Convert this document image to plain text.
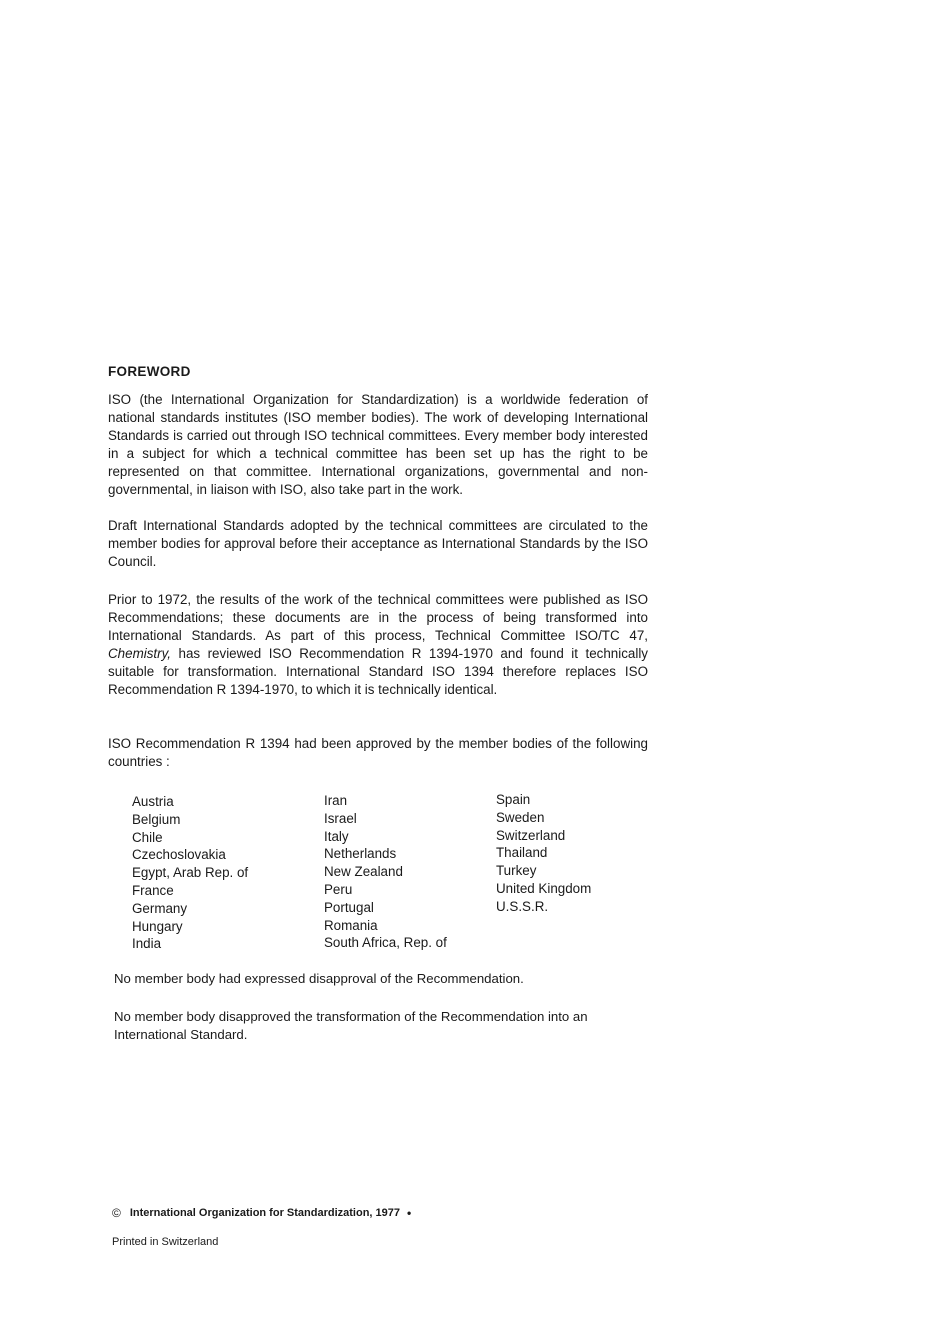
FOREWORD

ISO (the International Organization for Standardization) is a worldwide federation of national standards institutes (ISO member bodies). The work of developing International Standards is carried out through ISO technical committees. Every member body interested in a subject for which a technical committee has been set up has the right to be represented on that committee. International organizations, governmental and non-governmental, in liaison with ISO, also take part in the work.

Draft International Standards adopted by the technical committees are circulated to the member bodies for approval before their acceptance as International Standards by the ISO Council.

Prior to 1972, the results of the work of the technical committees were published as ISO Recommendations; these documents are in the process of being transformed into International Standards. As part of this process, Technical Committee ISO/TC 47, Chemistry, has reviewed ISO Recommendation R 1394-1970 and found it technically suitable for transformation. International Standard ISO 1394 therefore replaces ISO Recommendation R 1394-1970, to which it is technically identical.

ISO Recommendation R 1394 had been approved by the member bodies of the following countries :

Austria
Belgium
Chile
Czechoslovakia
Egypt, Arab Rep. of
France
Germany
Hungary
India
Iran
Israel
Italy
Netherlands
New Zealand
Peru
Portugal
Romania
South Africa, Rep. of
Spain
Sweden
Switzerland
Thailand
Turkey
United Kingdom
U.S.S.R.

No member body had expressed disapproval of the Recommendation.

No member body disapproved the transformation of the Recommendation into an International Standard.

© International Organization for Standardization, 1977 •
Printed in Switzerland
